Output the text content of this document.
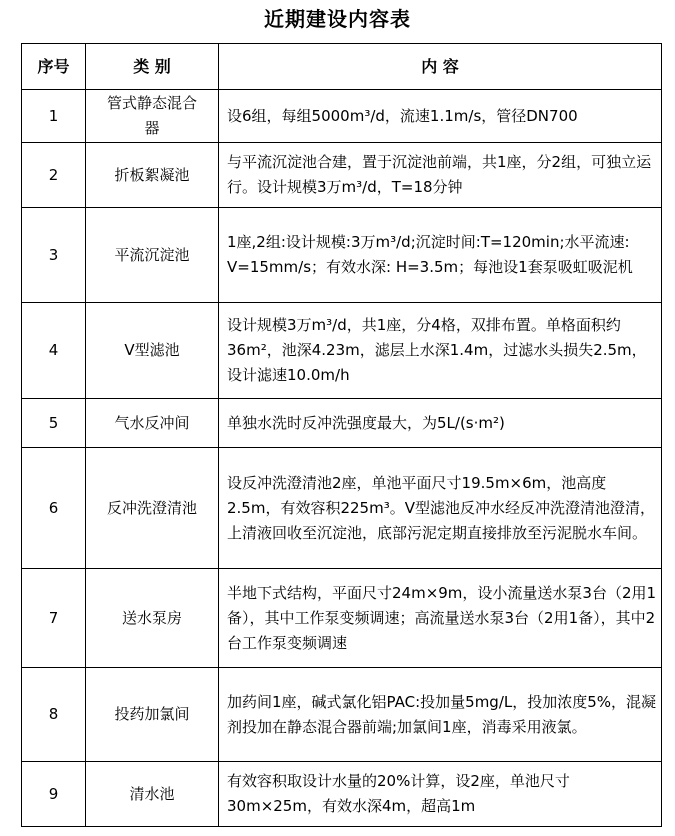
近期建设内容表
序号	类 别	内 容
1	管式静态混合器	设6组，每组5000m³/d，流速1.1m/s，管径DN700
2	折板絮凝池	与平流沉淀池合建，置于沉淀池前端，共1座，分2组，可独立运行。设计规模3万m³/d，T=18分钟
3	平流沉淀池	1座,2组:设计规模:3万m³/d;沉淀时间:T=120min;水平流速: V=15mm/s；有效水深: H=3.5m；每池设1套泵吸虹吸泥机
4	V型滤池	设计规模3万m³/d，共1座，分4格，双排布置。单格面积约36m²，池深4.23m，滤层上水深1.4m，过滤水头损失2.5m，设计滤速10.0m/h
5	气水反冲间	单独水洗时反冲洗强度最大，为5L/(s·m²)
6	反冲洗澄清池	设反冲洗澄清池2座，单池平面尺寸19.5m×6m，池高度2.5m，有效容积225m³。V型滤池反冲水经反冲洗澄清池澄清，上清液回收至沉淀池，底部污泥定期直接排放至污泥脱水车间。
7	送水泵房	半地下式结构，平面尺寸24m×9m，设小流量送水泵3台（2用1备），其中工作泵变频调速；高流量送水泵3台（2用1备），其中2台工作泵变频调速
8	投药加氯间	加药间1座，碱式氯化铝PAC:投加量5mg/L，投加浓度5%，混凝剂投加在静态混合器前端;加氯间1座，消毒采用液氯。
9	清水池	有效容积取设计水量的20%计算，设2座，单池尺寸30m×25m，有效水深4m，超高1m
